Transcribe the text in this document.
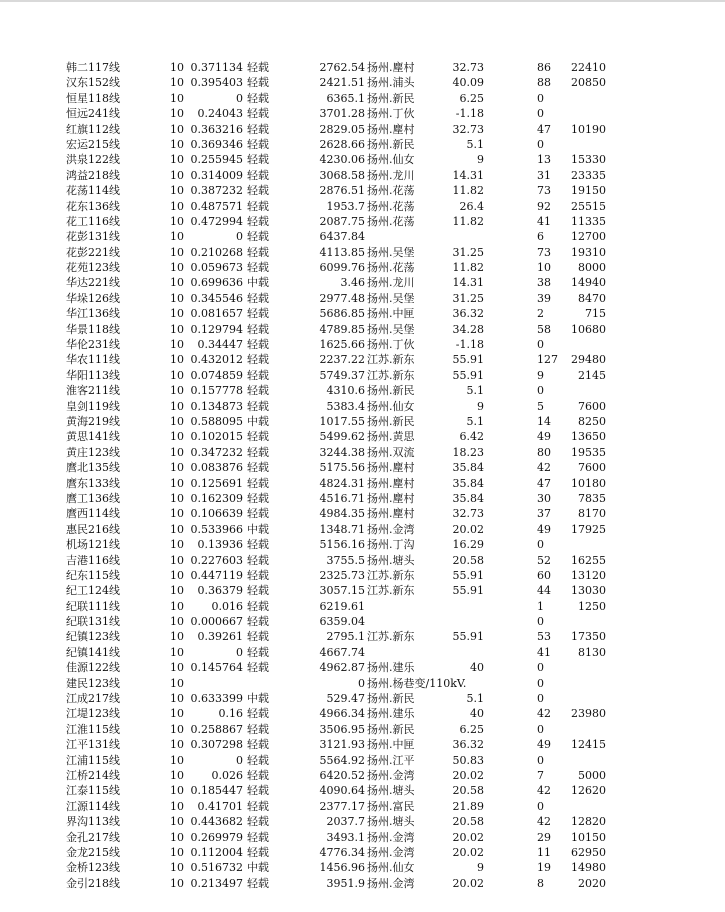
韩二117线	10 0.371134 轻载	2762.54 扬州.塵村	32.73	86 22410
汉东152线	10 0.395403 轻载	2421.51 扬州.浦头	40.09	88 20850
恒星118线	10	0 轻载	6365.1 扬州.新民	6.25	0
恒远241线	10 0.24043 轻载	3701.28 扬州.丁伙	-1.18	0
红旗112线	10 0.363216 轻载	2829.05 扬州.塵村	32.73	47 10190
宏运215线	10 0.369346 轻载	2628.66 扬州.新民	5.1	0
洪泉122线	10 0.255945 轻载	4230.06 扬州.仙女	9	13 15330
鸿益218线	10 0.314009 轻载	3068.58 扬州.龙川	14.31	31 23335
花荡114线	10 0.387232 轻载	2876.51 扬州.花荡	11.82	73 19150
花东136线	10 0.487571 轻载	1953.7 扬州.花荡	26.4	92 25515
花工116线	10 0.472994 轻载	2087.75 扬州.花荡	11.82	41 11335
花彭131线	10	0 轻载	6437.84	6 12700
花彭221线	10 0.210268 轻载	4113.85 扬州.吴堡	31.25	73 19310
花苑123线	10 0.059673 轻载	6099.76 扬州.花荡	11.82	10 8000
华达221线	10 0.699636 中载	3.46 扬州.龙川	14.31	38 14940
华垛126线	10 0.345546 轻载	2977.48 扬州.吴堡	31.25	39 8470
华江136线	10 0.081657 轻载	5686.85 扬州.中匣	36.32	2	715
华景118线	10 0.129794 轻载	4789.85 扬州.吴堡	34.28	58 10680
华伦231线	10 0.34447 轻载	1625.66 扬州.丁伙	-1.18	0
华农111线	10 0.432012 轻载	2237.22 江苏.新东	55.91	127 29480
华阳113线	10 0.074859 轻载	5749.37 江苏.新东	55.91	9	2145
淮客211线	10 0.157778 轻载	4310.6 扬州.新民	5.1	0
皇剑119线	10 0.134873 轻载	5383.4 扬州.仙女	9	5	7600
黄海219线	10 0.588095 中载	1017.55 扬州.新民	5.1	14 8250
黄思141线	10 0.102015 轻载	5499.62 扬州.黄思	6.42	49 13650
黄庄123线	10 0.347232 轻载	3244.38 扬州.双流	18.23	80 19535
麿北135线	10 0.083876 轻载	5175.56 扬州.塵村	35.84	42 7600
麿东133线	10 0.125691 轻载	4824.31 扬州.塵村	35.84	47 10180
麿工136线	10 0.162309 轻载	4516.71 扬州.塵村	35.84	30 7835
麿西114线	10 0.106639 轻载	4984.35 扬州.塵村	32.73	37 8170
惠民216线	10 0.533966 中载	1348.71 扬州.金湾	20.02	49 17925
机场121线	10 0.13936 轻载	5156.16 扬州.丁沟	16.29	0
吉港116线	10 0.227603 轻载	3755.5 扬州.塘头	20.58	52 16255
纪东115线	10 0.447119 轻载	2325.73 江苏.新东	55.91	60 13120
纪工124线	10 0.36379 轻载	3057.15 江苏.新东	55.91	44 13030
纪联111线	10	0.016 轻载	6219.61	1	1250
纪联131线	10 0.000667 轻载	6359.04	0
纪镇123线	10 0.39261 轻载	2795.1 江苏.新东	55.91	53 17350
纪镇141线	10	0 轻载	4667.74	41 8130
佳源122线	10 0.145764 轻载	4962.87 扬州.建乐	40	0
建民123线	10	0 扬州.杨巷变/110kV.	0
江成217线	10 0.633399 中载	529.47 扬州.新民	5.1	0
江堤123线	10	0.16 轻载	4966.34 扬州.建乐	40	42 23980
江淮115线	10 0.258867 轻载	3506.95 扬州.新民	6.25	0
江平131线	10 0.307298 轻载	3121.93 扬州.中匣	36.32	49 12415
江浦115线	10	0 轻载	5564.92 扬州.江平	50.83	0
江桥214线	10	0.026 轻载	6420.52 扬州.金湾	20.02	7	5000
江泰115线	10 0.185447 轻载	4090.64 扬州.塘头	20.58	42 12620
江源114线	10 0.41701 轻载	2377.17 扬州.富民	21.89	0
界沟113线	10 0.443682 轻载	2037.7 扬州.塘头	20.58	42 12820
金孔217线	10 0.269979 轻载	3493.1 扬州.金湾	20.02	29 10150
金龙215线	10 0.112004 轻载	4776.34 扬州.金湾	20.02	11 62950
金桥123线	10 0.516732 中载	1456.96 扬州.仙女	9	19 14980
金引218线	10 0.213497 轻载	3951.9 扬州.金湾	20.02	8	2020
